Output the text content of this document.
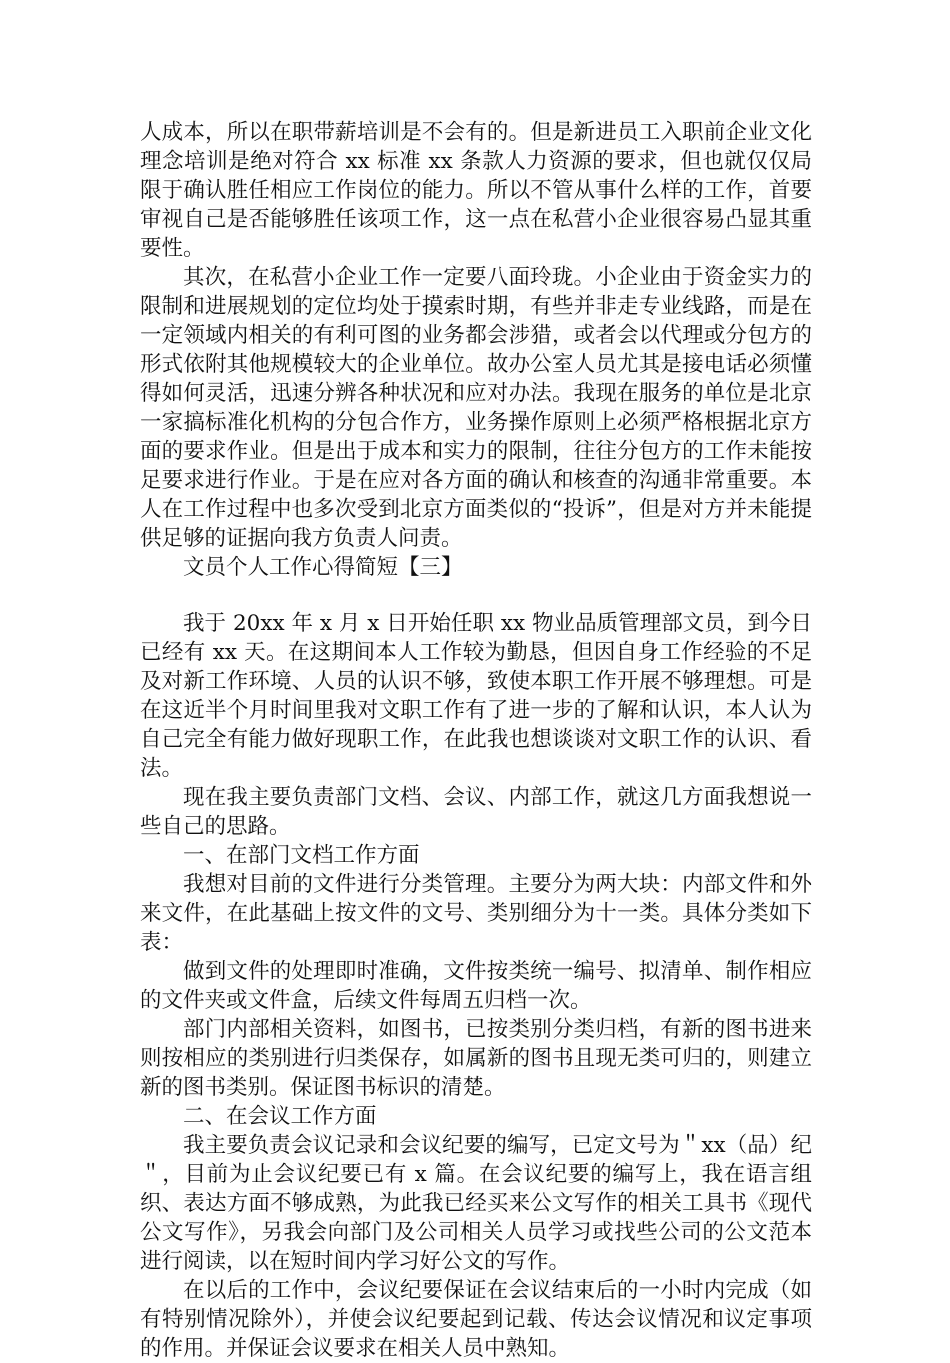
人成本，所以在职带薪培训是不会有的。但是新进员工入职前企业文化理念培训是绝对符合 xx 标准 xx 条款人力资源的要求，但也就仅仅局限于确认胜任相应工作岗位的能力。所以不管从事什么样的工作，首要审视自己是否能够胜任该项工作，这一点在私营小企业很容易凸显其重要性。

其次，在私营小企业工作一定要八面玲珑。小企业由于资金实力的限制和进展规划的定位均处于摸索时期，有些并非走专业线路，而是在一定领域内相关的有利可图的业务都会涉猎，或者会以代理或分包方的形式依附其他规模较大的企业单位。故办公室人员尤其是接电话必须懂得如何灵活，迅速分辨各种状况和应对办法。我现在服务的单位是北京一家搞标准化机构的分包合作方，业务操作原则上必须严格根据北京方面的要求作业。但是出于成本和实力的限制，往往分包方的工作未能按足要求进行作业。于是在应对各方面的确认和核查的沟通非常重要。本人在工作过程中也多次受到北京方面类似的“投诉”，但是对方并未能提供足够的证据向我方负责人问责。

文员个人工作心得简短【三】

我于 20xx 年 x 月 x 日开始任职 xx 物业品质管理部文员，到今日已经有 xx 天。在这期间本人工作较为勤恳，但因自身工作经验的不足及对新工作环境、人员的认识不够，致使本职工作开展不够理想。可是在这近半个月时间里我对文职工作有了进一步的了解和认识，本人认为自己完全有能力做好现职工作，在此我也想谈谈对文职工作的认识、看法。

现在我主要负责部门文档、会议、内部工作，就这几方面我想说一些自己的思路。

一、在部门文档工作方面

我想对目前的文件进行分类管理。主要分为两大块：内部文件和外来文件，在此基础上按文件的文号、类别细分为十一类。具体分类如下表：

做到文件的处理即时准确，文件按类统一编号、拟清单、制作相应的文件夹或文件盒，后续文件每周五归档一次。

部门内部相关资料，如图书，已按类别分类归档，有新的图书进来则按相应的类别进行归类保存，如属新的图书且现无类可归的，则建立新的图书类别。保证图书标识的清楚。

二、在会议工作方面

我主要负责会议记录和会议纪要的编写，已定文号为＂xx（品）纪＂，目前为止会议纪要已有 x 篇。在会议纪要的编写上，我在语言组织、表达方面不够成熟，为此我已经买来公文写作的相关工具书《现代公文写作》，另我会向部门及公司相关人员学习或找些公司的公文范本进行阅读，以在短时间内学习好公文的写作。

在以后的工作中，会议纪要保证在会议结束后的一小时内完成（如有特别情况除外），并使会议纪要起到记载、传达会议情况和议定事项的作用。并保证会议要求在相关人员中熟知。
